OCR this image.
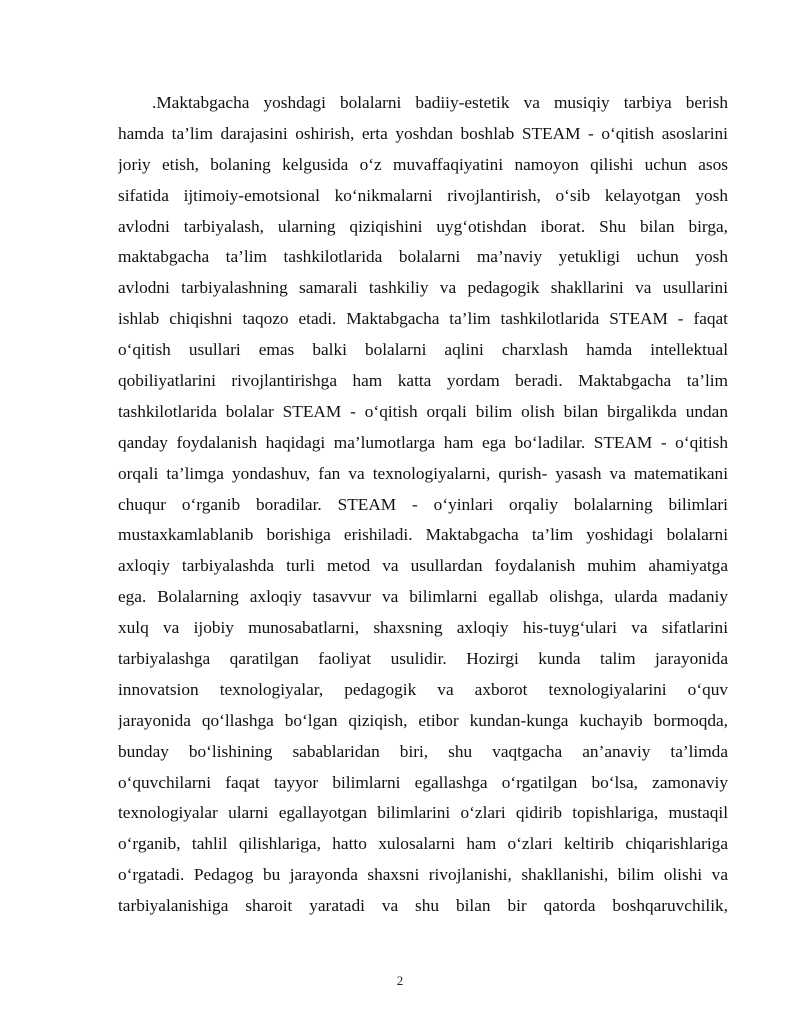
.Maktabgacha yoshdagi bolalarni badiiy-estetik va musiqiy tarbiya berish
hamda ta’lim darajasini oshirish, erta yoshdan boshlab STEAM - o‘qitish asoslarini
joriy etish, bolaning kelgusida o‘z muvaffaqiyatini namoyon qilishi uchun asos
sifatida ijtimoiy-emotsional ko‘nikmalarni rivojlantirish, o‘sib kelayotgan yosh
avlodni tarbiyalash, ularning qiziqishini uyg‘otishdan iborat. Shu bilan birga,
maktabgacha ta’lim tashkilotlarida bolalarni ma’naviy yetukligi uchun yosh
avlodni tarbiyalashning samarali tashkiliy va pedagogik shakllarini va usullarini
ishlab chiqishni taqozo etadi. Maktabgacha ta’lim tashkilotlarida STEAM - faqat
o‘qitish usullari emas balki bolalarni aqlini charxlash hamda intellektual
qobiliyatlarini rivojlantirishga ham katta yordam beradi. Maktabgacha ta’lim
tashkilotlarida bolalar STEAM - o‘qitish orqali bilim olish bilan birgalikda undan
qanday foydalanish haqidagi ma’lumotlarga ham ega bo‘ladilar. STEAM - o‘qitish
orqali ta’limga yondashuv, fan va texnologiyalarni, qurish- yasash va matematikani
chuqur o‘rganib boradilar. STEAM - o‘yinlari orqaliy bolalarning bilimlari
mustaxkamlablanib borishiga erishiladi. Maktabgacha ta’lim yoshidagi bolalarni
axloqiy tarbiyalashda turli metod va usullardan foydalanish muhim ahamiyatga
ega. Bolalarning axloqiy tasavvur va bilimlarni egallab olishga, ularda madaniy
xulq va ijobiy munosabatlarni, shaxsning axloqiy his-tuyg‘ulari va sifatlarini
tarbiyalashga qaratilgan faoliyat usulidir. Hozirgi kunda talim jarayonida
innovatsion texnologiyalar, pedagogik va axborot texnologiyalarini o‘quv
jarayonida qo‘llashga bo‘lgan qiziqish, etibor kundan-kunga kuchayib bormoqda,
bunday bo‘lishining sabablaridan biri, shu vaqtgacha an’anaviy ta’limda
o‘quvchilarni faqat tayyor bilimlarni egallashga o‘rgatilgan bo‘lsa, zamonaviy
texnologiyalar ularni egallayotgan bilimlarini o‘zlari qidirib topishlariga, mustaqil
o‘rganib, tahlil qilishlariga, hatto xulosalarni ham o‘zlari keltirib chiqarishlariga
o‘rgatadi. Pedagog bu jarayonda shaxsni rivojlanishi, shakllanishi, bilim olishi va
tarbiyalanishiga sharoit yaratadi va shu bilan bir qatorda boshqaruvchilik,
2
